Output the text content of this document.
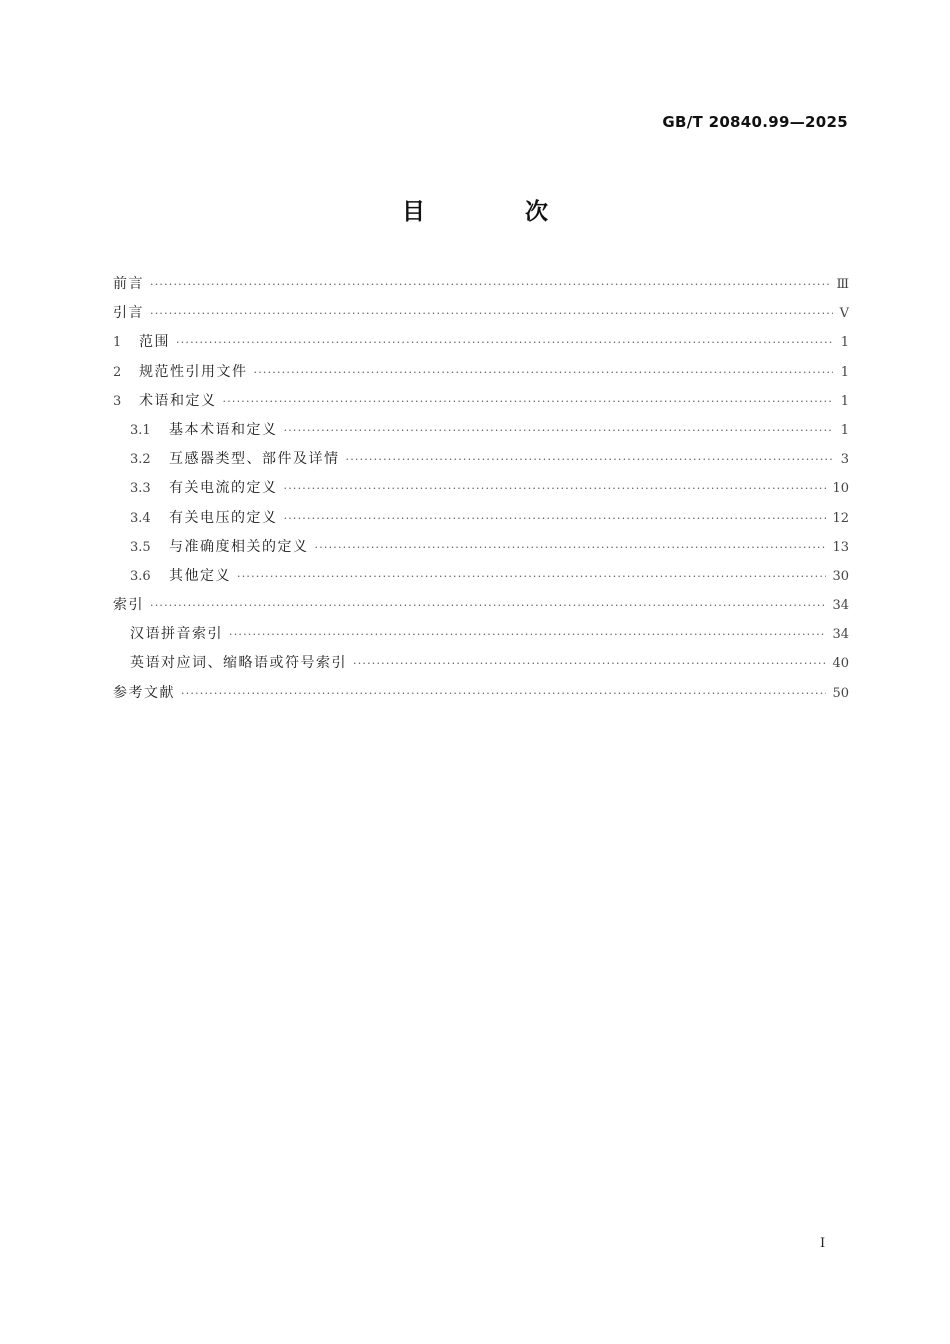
GB/T 20840.99—2025
目 次
前言 ·····	Ⅲ
引言 ·····	Ⅴ
1	范围 ·····	1
2	规范性引用文件 ·····	1
3	术语和定义 ·····	1
3.1	基本术语和定义 ·····	1
3.2	互感器类型、部件及详情 ·····	3
3.3	有关电流的定义 ·····	10
3.4	有关电压的定义 ·····	12
3.5	与准确度相关的定义 ·····	13
3.6	其他定义 ·····	30
索引 ·····	34
汉语拼音索引 ·····	34
英语对应词、缩略语或符号索引 ·····	40
参考文献 ·····	50
I
